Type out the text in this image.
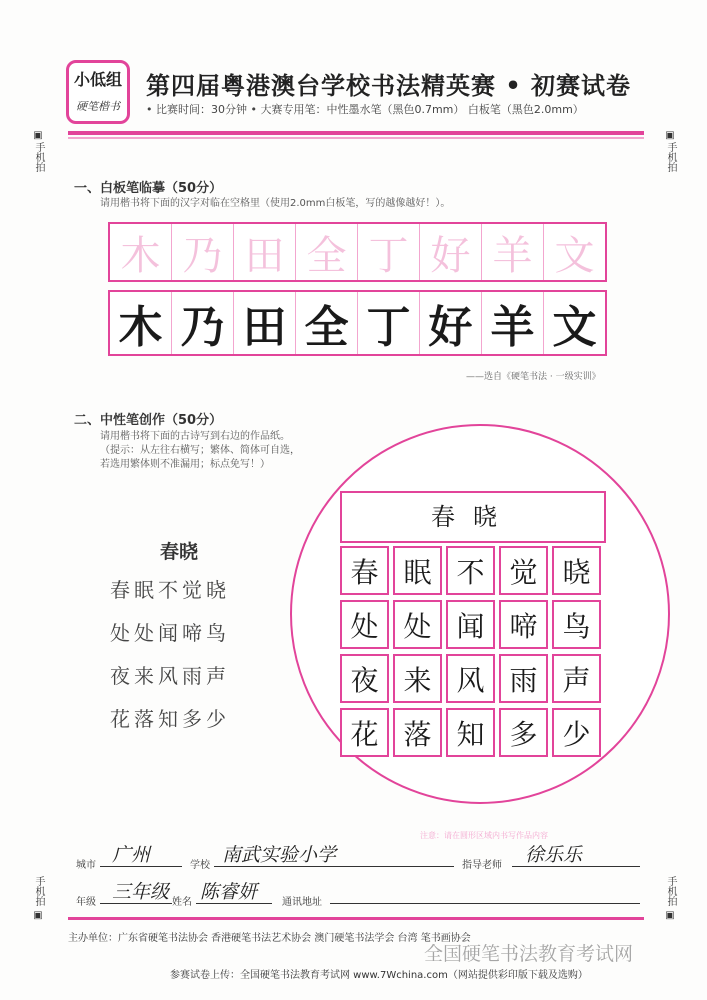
小低组
硬笔楷书
第四届粤港澳台学校书法精英赛 • 初赛试卷
• 比赛时间：30分钟 • 大赛专用笔：中性墨水笔（黑色0.7mm） 白板笔（黑色2.0mm）
▣
手机拍
▣
手机拍
手机拍
▣
手机拍
▣
一、白板笔临摹（50分）
请用楷书将下面的汉字对临在空格里（使用2.0mm白板笔，写的越像越好！）。
木 乃 田 全 丁 好 羊 文
木 乃 田 全 丁 好 羊 文
——选自《硬笔书法 · 一级实训》
二、中性笔创作（50分）
请用楷书将下面的古诗写到右边的作品纸。
（提示：从左往右横写；繁体、简体可自选，
若选用繁体则不准漏用；标点免写！）
春晓
春眠不觉晓
处处闻啼鸟
夜来风雨声
花落知多少
春晓
春 眠 不 觉 晓
处 处 闻 啼 鸟
夜 来 风 雨 声
花 落 知 多 少
注意：请在圆形区域内书写作品内容
城市 广州	学校 南武实验小学	指导老师 徐乐乐
年级 三年级 姓名 陈睿妍 通讯地址
主办单位：广东省硬笔书法协会 香港硬笔书法艺术协会 澳门硬笔书法学会 台湾 笔书画协会
全国硬笔书法教育考试网
参赛试卷上传：全国硬笔书法教育考试网 www.7Wchina.com（网站提供彩印版下载及选购）
